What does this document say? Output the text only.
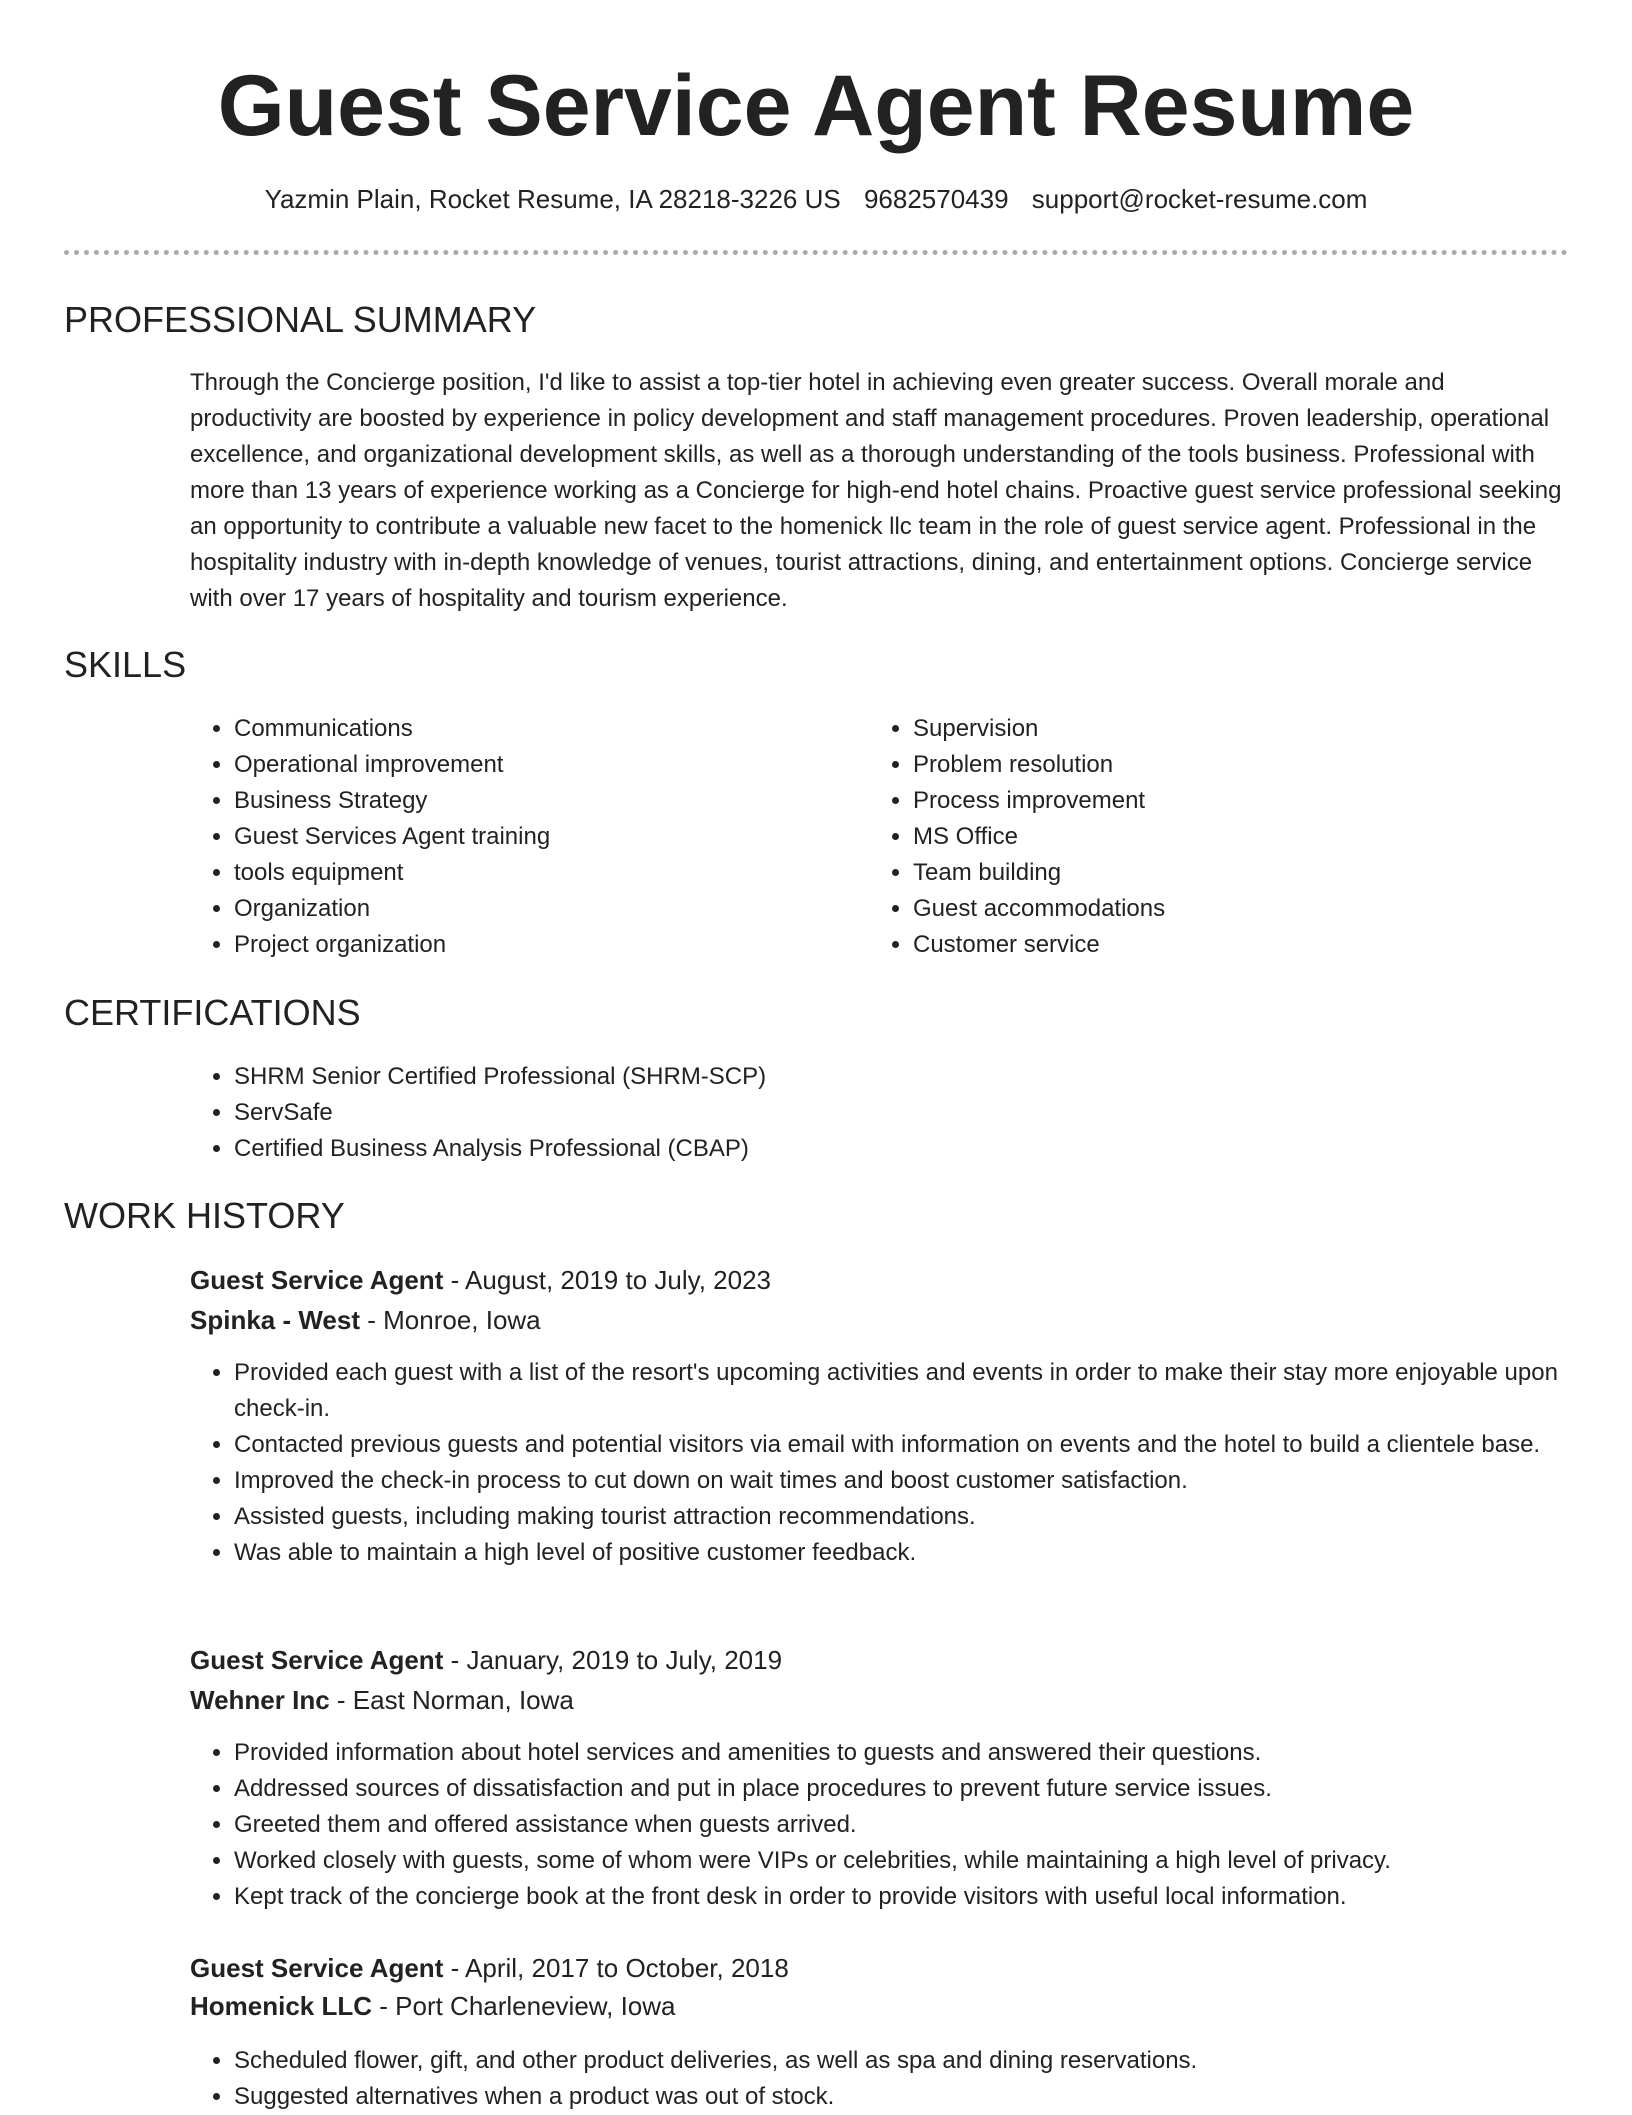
Guest Service Agent Resume
Yazmin Plain, Rocket Resume, IA 28218-3226 US 9682570439 support@rocket-resume.com
PROFESSIONAL SUMMARY

Through the Concierge position, I'd like to assist a top-tier hotel in achieving even greater success. Overall morale and productivity are boosted by experience in policy development and staff management procedures. Proven leadership, operational excellence, and organizational development skills, as well as a thorough understanding of the tools business. Professional with more than 13 years of experience working as a Concierge for high-end hotel chains. Proactive guest service professional seeking an opportunity to contribute a valuable new facet to the homenick llc team in the role of guest service agent. Professional in the hospitality industry with in-depth knowledge of venues, tourist attractions, dining, and entertainment options. Concierge service with over 17 years of hospitality and tourism experience.

SKILLS
• Communications
• Operational improvement
• Business Strategy
• Guest Services Agent training
• tools equipment
• Organization
• Project organization
• Supervision
• Problem resolution
• Process improvement
• MS Office
• Team building
• Guest accommodations
• Customer service
CERTIFICATIONS
• SHRM Senior Certified Professional (SHRM-SCP)
• ServSafe
• Certified Business Analysis Professional (CBAP)
WORK HISTORY
Guest Service Agent - August, 2019 to July, 2023
Spinka - West - Monroe, Iowa
• Provided each guest with a list of the resort's upcoming activities and events in order to make their stay more enjoyable upon check-in.
• Contacted previous guests and potential visitors via email with information on events and the hotel to build a clientele base.
• Improved the check-in process to cut down on wait times and boost customer satisfaction.
• Assisted guests, including making tourist attraction recommendations.
• Was able to maintain a high level of positive customer feedback.
Guest Service Agent - January, 2019 to July, 2019
Wehner Inc - East Norman, Iowa
• Provided information about hotel services and amenities to guests and answered their questions.
• Addressed sources of dissatisfaction and put in place procedures to prevent future service issues.
• Greeted them and offered assistance when guests arrived.
• Worked closely with guests, some of whom were VIPs or celebrities, while maintaining a high level of privacy.
• Kept track of the concierge book at the front desk in order to provide visitors with useful local information.
Guest Service Agent - April, 2017 to October, 2018
Homenick LLC - Port Charleneview, Iowa
• Scheduled flower, gift, and other product deliveries, as well as spa and dining reservations.
• Suggested alternatives when a product was out of stock.
